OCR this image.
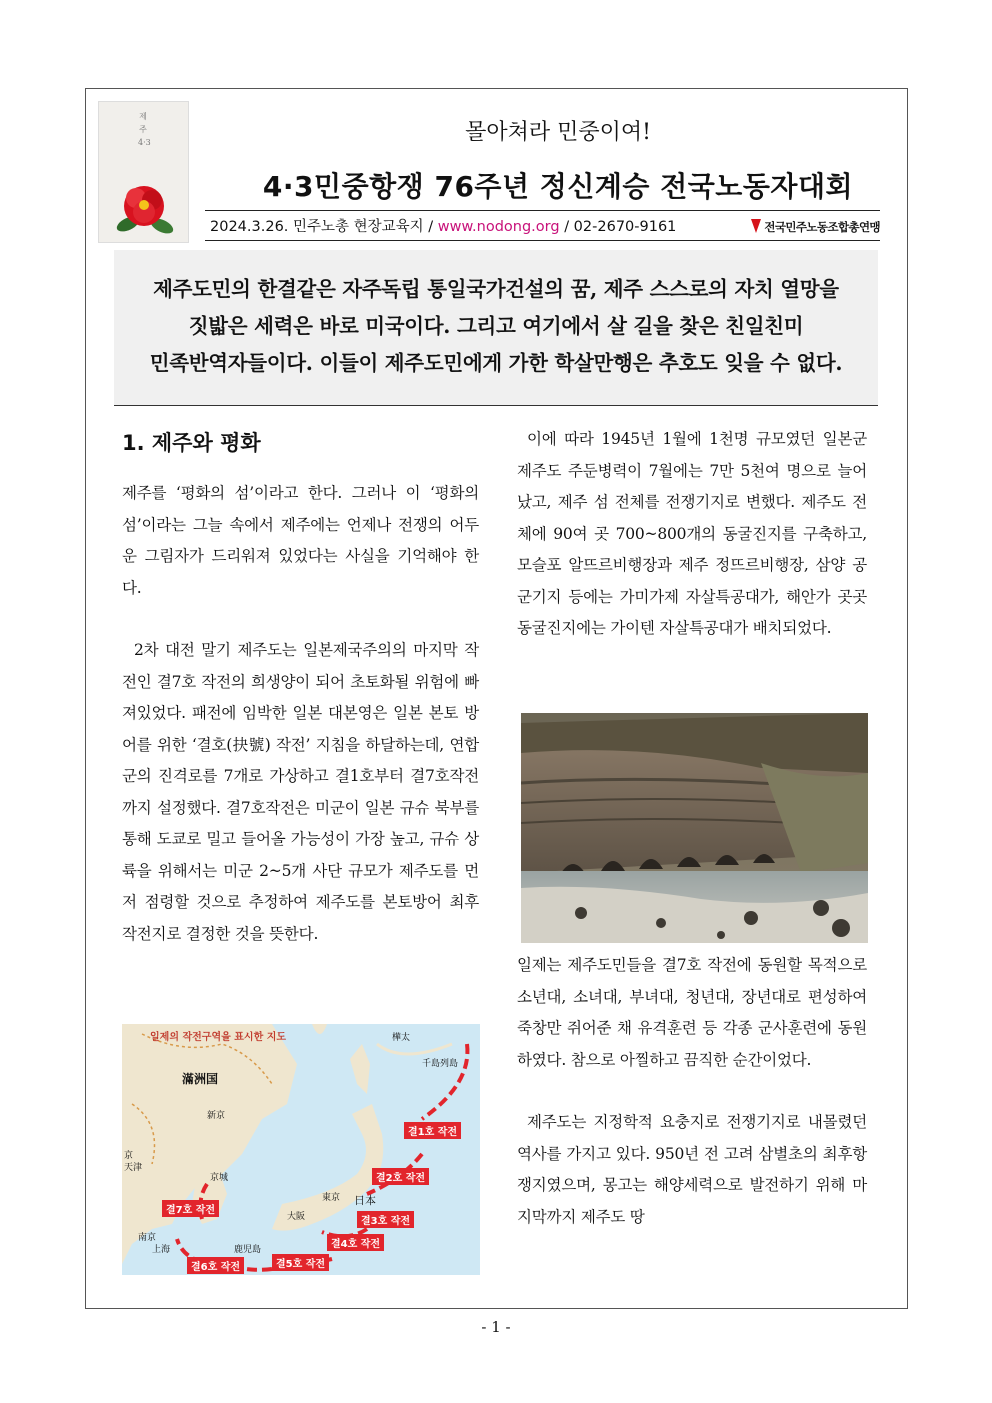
제주 4·3	몰아쳐라 민중이여!
4·3민중항쟁 76주년 정신계승 전국노동자대회
2024.3.26. 민주노총 현장교육지 / www.nodong.org / 02-2670-9161	전국민주노동조합총연맹

제주도민의 한결같은 자주독립 통일국가건설의 꿈, 제주 스스로의 자치 열망을

짓밟은 세력은 바로 미국이다. 그리고 여기에서 살 길을 찾은 친일친미

민족반역자들이다. 이들이 제주도민에게 가한 학살만행은 추호도 잊을 수 없다.

1. 제주와 평화

제주를 ‘평화의 섬’이라고 한다. 그러나 이 ‘평화의 섬’이라는 그늘 속에서 제주에는 언제나 전쟁의 어두운 그림자가 드리워져 있었다는 사실을 기억해야 한다.

2차 대전 말기 제주도는 일본제국주의의 마지막 작전인 결7호 작전의 희생양이 되어 초토화될 위험에 빠져있었다. 패전에 임박한 일본 대본영은 일본 본토 방어를 위한 ‘결호(抉號) 작전’ 지침을 하달하는데, 연합군의 진격로를 7개로 가상하고 결1호부터 결7호작전까지 설정했다. 결7호작전은 미군이 일본 규슈 북부를 통해 도쿄로 밀고 들어올 가능성이 가장 높고, 규슈 상륙을 위해서는 미군 2~5개 사단 규모가 제주도를 먼저 점령할 것으로 추정하여 제주도를 본토방어 최후 작전지로 결정한 것을 뜻한다.

이에 따라 1945년 1월에 1천명 규모였던 일본군 제주도 주둔병력이 7월에는 7만 5천여 명으로 늘어났고, 제주 섬 전체를 전쟁기지로 변했다. 제주도 전체에 90여 곳 700~800개의 동굴진지를 구축하고, 모슬포 알뜨르비행장과 제주 정뜨르비행장, 삼양 공군기지 등에는 가미가제 자살특공대가, 해안가 곳곳 동굴진지에는 가이텐 자살특공대가 배치되었다.

일제는 제주도민들을 결7호 작전에 동원할 목적으로 소년대, 소녀대, 부녀대, 청년대, 장년대로 편성하여 죽창만 쥐어준 채 유격훈련 등 각종 군사훈련에 동원하였다. 참으로 아찔하고 끔직한 순간이었다.

제주도는 지정학적 요충지로 전쟁기지로 내몰렸던 역사를 가지고 있다. 950년 전 고려 삼별초의 최후항쟁지였으며, 몽고는 해양세력으로 발전하기 위해 마지막까지 제주도 땅

일제의 작전구역을 표시한 지도
滿洲国
新京
樺太
千島列島
日本
東京
大阪
京城
鹿児島
南京
上海
天津
京
결1호 작전
결2호 작전
결3호 작전
결4호 작전
결5호 작전
결6호 작전
결7호 작전
- 1 -
